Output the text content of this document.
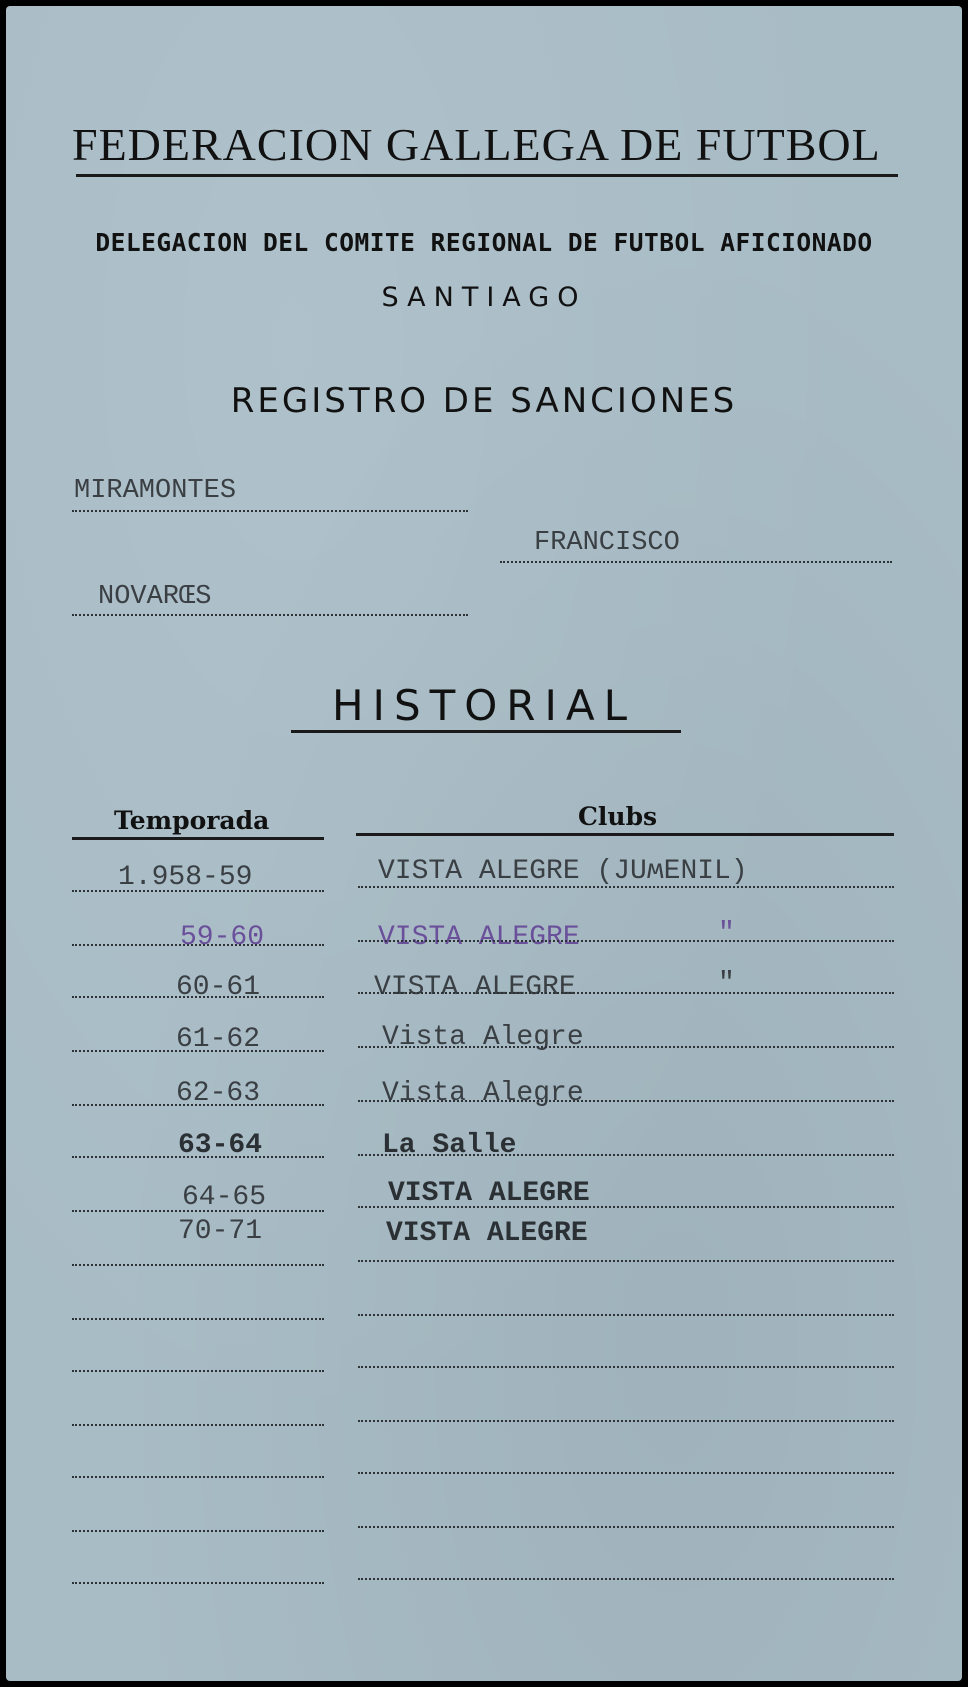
FEDERACION GALLEGA DE FUTBOL
DELEGACION DEL COMITE REGIONAL DE FUTBOL AFICIONADO
SANTIAGO
REGISTRO DE SANCIONES
MIRAMONTES
FRANCISCO
NOVARŒS
HISTORIAL
Temporada	Clubs
1.958-59	VISTA ALEGRE (JUʍENIL)
59-60	VISTA ALEGRE	"
60-61	VISTA ALEGRE	"
61-62	Vista Alegre
62-63	Vista Alegre
63-64	La Salle
64-65	VISTA ALEGRE
70-71	VISTA ALEGRE
